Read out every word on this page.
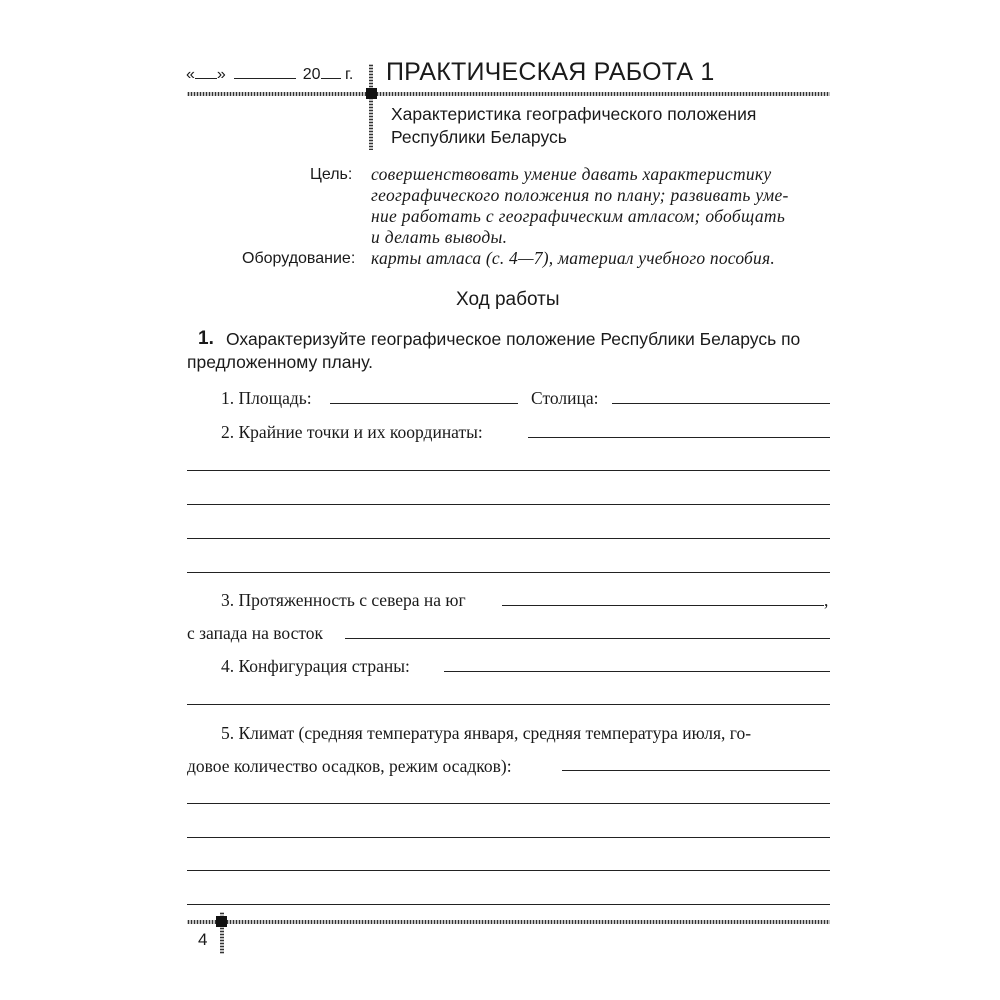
« »	20 г. ПРАКТИЧЕСКАЯ РАБОТА 1
Характеристика географического положения
Республики Беларусь
Цель: совершенствовать умение давать характеристику
географического положения по плану; развивать уме-
ние работать с географическим атласом; обобщать
и делать выводы.
Оборудование: карты атласа (с. 4—7), материал учебного пособия.
Ход работы
1. Охарактеризуйте географическое положение Республики Беларусь по
предложенному плану.
1. Площадь:	Столица:
2. Крайние точки и их координаты:
3. Протяженность с севера на юг	,
с запада на восток
4. Конфигурация страны:
5. Климат (средняя температура января, средняя температура июля, го-
довое количество осадков, режим осадков):
4
